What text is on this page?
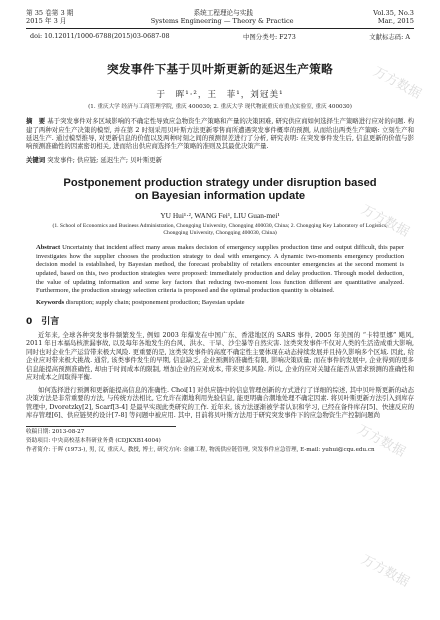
第 35 卷第 3 期	系统工程理论与实践	Vol.35, No.3
2015 年 3 月	Systems Engineering — Theory & Practice	Mar., 2015
doi: 10.12011/1000-6788(2015)03-0687-08	中图分类号: F273	文献标志码: A
突发事件下基于贝叶斯更新的延迟生产策略
于　晖¹·²，王　菲¹，刘冠美¹
(1. 重庆大学 经济与工商管理学院, 重庆 400030; 2. 重庆大学 现代物流重庆市重点实验室, 重庆 400030)

摘　要 基于突发事件对多区域影响的不确定性导致应急物资生产策略和产量的决策困难, 研究供应商如何选择生产策略进行应对的问题. 构建了两种对应生产决策的模型, 并在第 2 时刻采用贝叶斯方法更新零售商所遭遇突发事件概率的预测, 从而给出两类生产策略: 立刻生产和延迟生产. 通过模型推导, 对更新信息的价值以及两种时刻之间的预测误差进行了分析, 研究表明: 在突发事件发生后, 信息更新的价值与影响预测准确性的因素密切相关, 进而给出供应商选择生产策略的准则及其最优决策产量.

关键词 突发事件; 供应链; 延迟生产; 贝叶斯更新

Postponement production strategy under disruption based on Bayesian information update
YU Hui¹·², WANG Fei¹, LIU Guan-mei¹
(1. School of Economics and Business Administration, Chongqing University, Chongqing 400030, China; 2. Chongqing Key Laboratory of Logistics, Chongqing University, Chongqing 400030, China)

Abstract Uncertainty that incident affect many areas makes decision of emergency supplies production time and output difficult, this paper investigates how the supplier chooses the production strategy to deal with emergency. A dynamic two-moments emergency production decision model is established, by Bayesian method, the forecast probability of retailers encounter emergencies at the second moment is updated, based on this, two production strategies were proposed: immediately production and delay production. Through model deduction, the value of updating information and some key factors that reducing two-moment loss function different are quantitative analyzed. Furthermore, the production strategy selection criteria is proposed and the optimal production quantity is obtained.

Keywords disruption; supply chain; postponement production; Bayesian update

0　引言

近年来, 全球各种突发事件频繁发生, 例如 2003 年爆发在中国广东、香港地区的 SARS 事件, 2005 年美国的 “卡特里娜” 飓风, 2011 年日本福岛核泄漏事故, 以及每年各地发生的台风、洪水、干旱、沙尘暴等自然灾害. 这类突发事件不仅对人类的生活造成重大影响, 同时也对企业生产运营带来极大风险. 更重要的是, 这类突发事件的高度不确定性主要体现在动态持续发展并且持久影响多个区域. 因此, 给企业应对带来极大挑战. 通常, 该类事件发生的早期, 信息缺乏, 企业预测的准确性有限, 影响决策质量; 而在事件的发展中, 企业得到的更多信息能提高预测准确性, 却由于时间成本的限制, 增加企业的应对成本, 带来更多风险. 所以, 企业的应对关键在能否从需求预测的准确性和应对成本之间取得平衡.

如何选择进行预测和更新能提高信息的准确性. Choi[1] 对供应链中的信息管理创新的方式进行了详细的综述, 其中贝叶斯更新的动态决策方法是非常重要的方法, 与传统方法相比, 它允许在潮地利用先验信息, 能更明确合潮地处理不确定因素. 将贝叶斯更新方法引入到库存管理中, Dvoretzky[2], Scarf[3-4] 是最早实现此类研究的工作. 近年来, 该方法逐渐被学者认识和学习, 已经在备件库存[5]、快速反应的库存管理[6]、供应链契约设计[7-8] 等问题中被应用. 其中, 目前将贝叶斯方法用于研究突发事件下的应急物资生产控制问题尚

收稿日期: 2013-08-27
资助项目: 中央高校基本科研业务费 (CDJKXB14004)
作者简介: 于晖 (1973-), 男, 汉, 重庆人, 教授, 博士, 研究方向: 金融工程, 物流供应链管理, 突发事件应急管理, E-mail: yuhui@cqu.edu.cn
万方数据
万方数据
万方数据
万方数据
